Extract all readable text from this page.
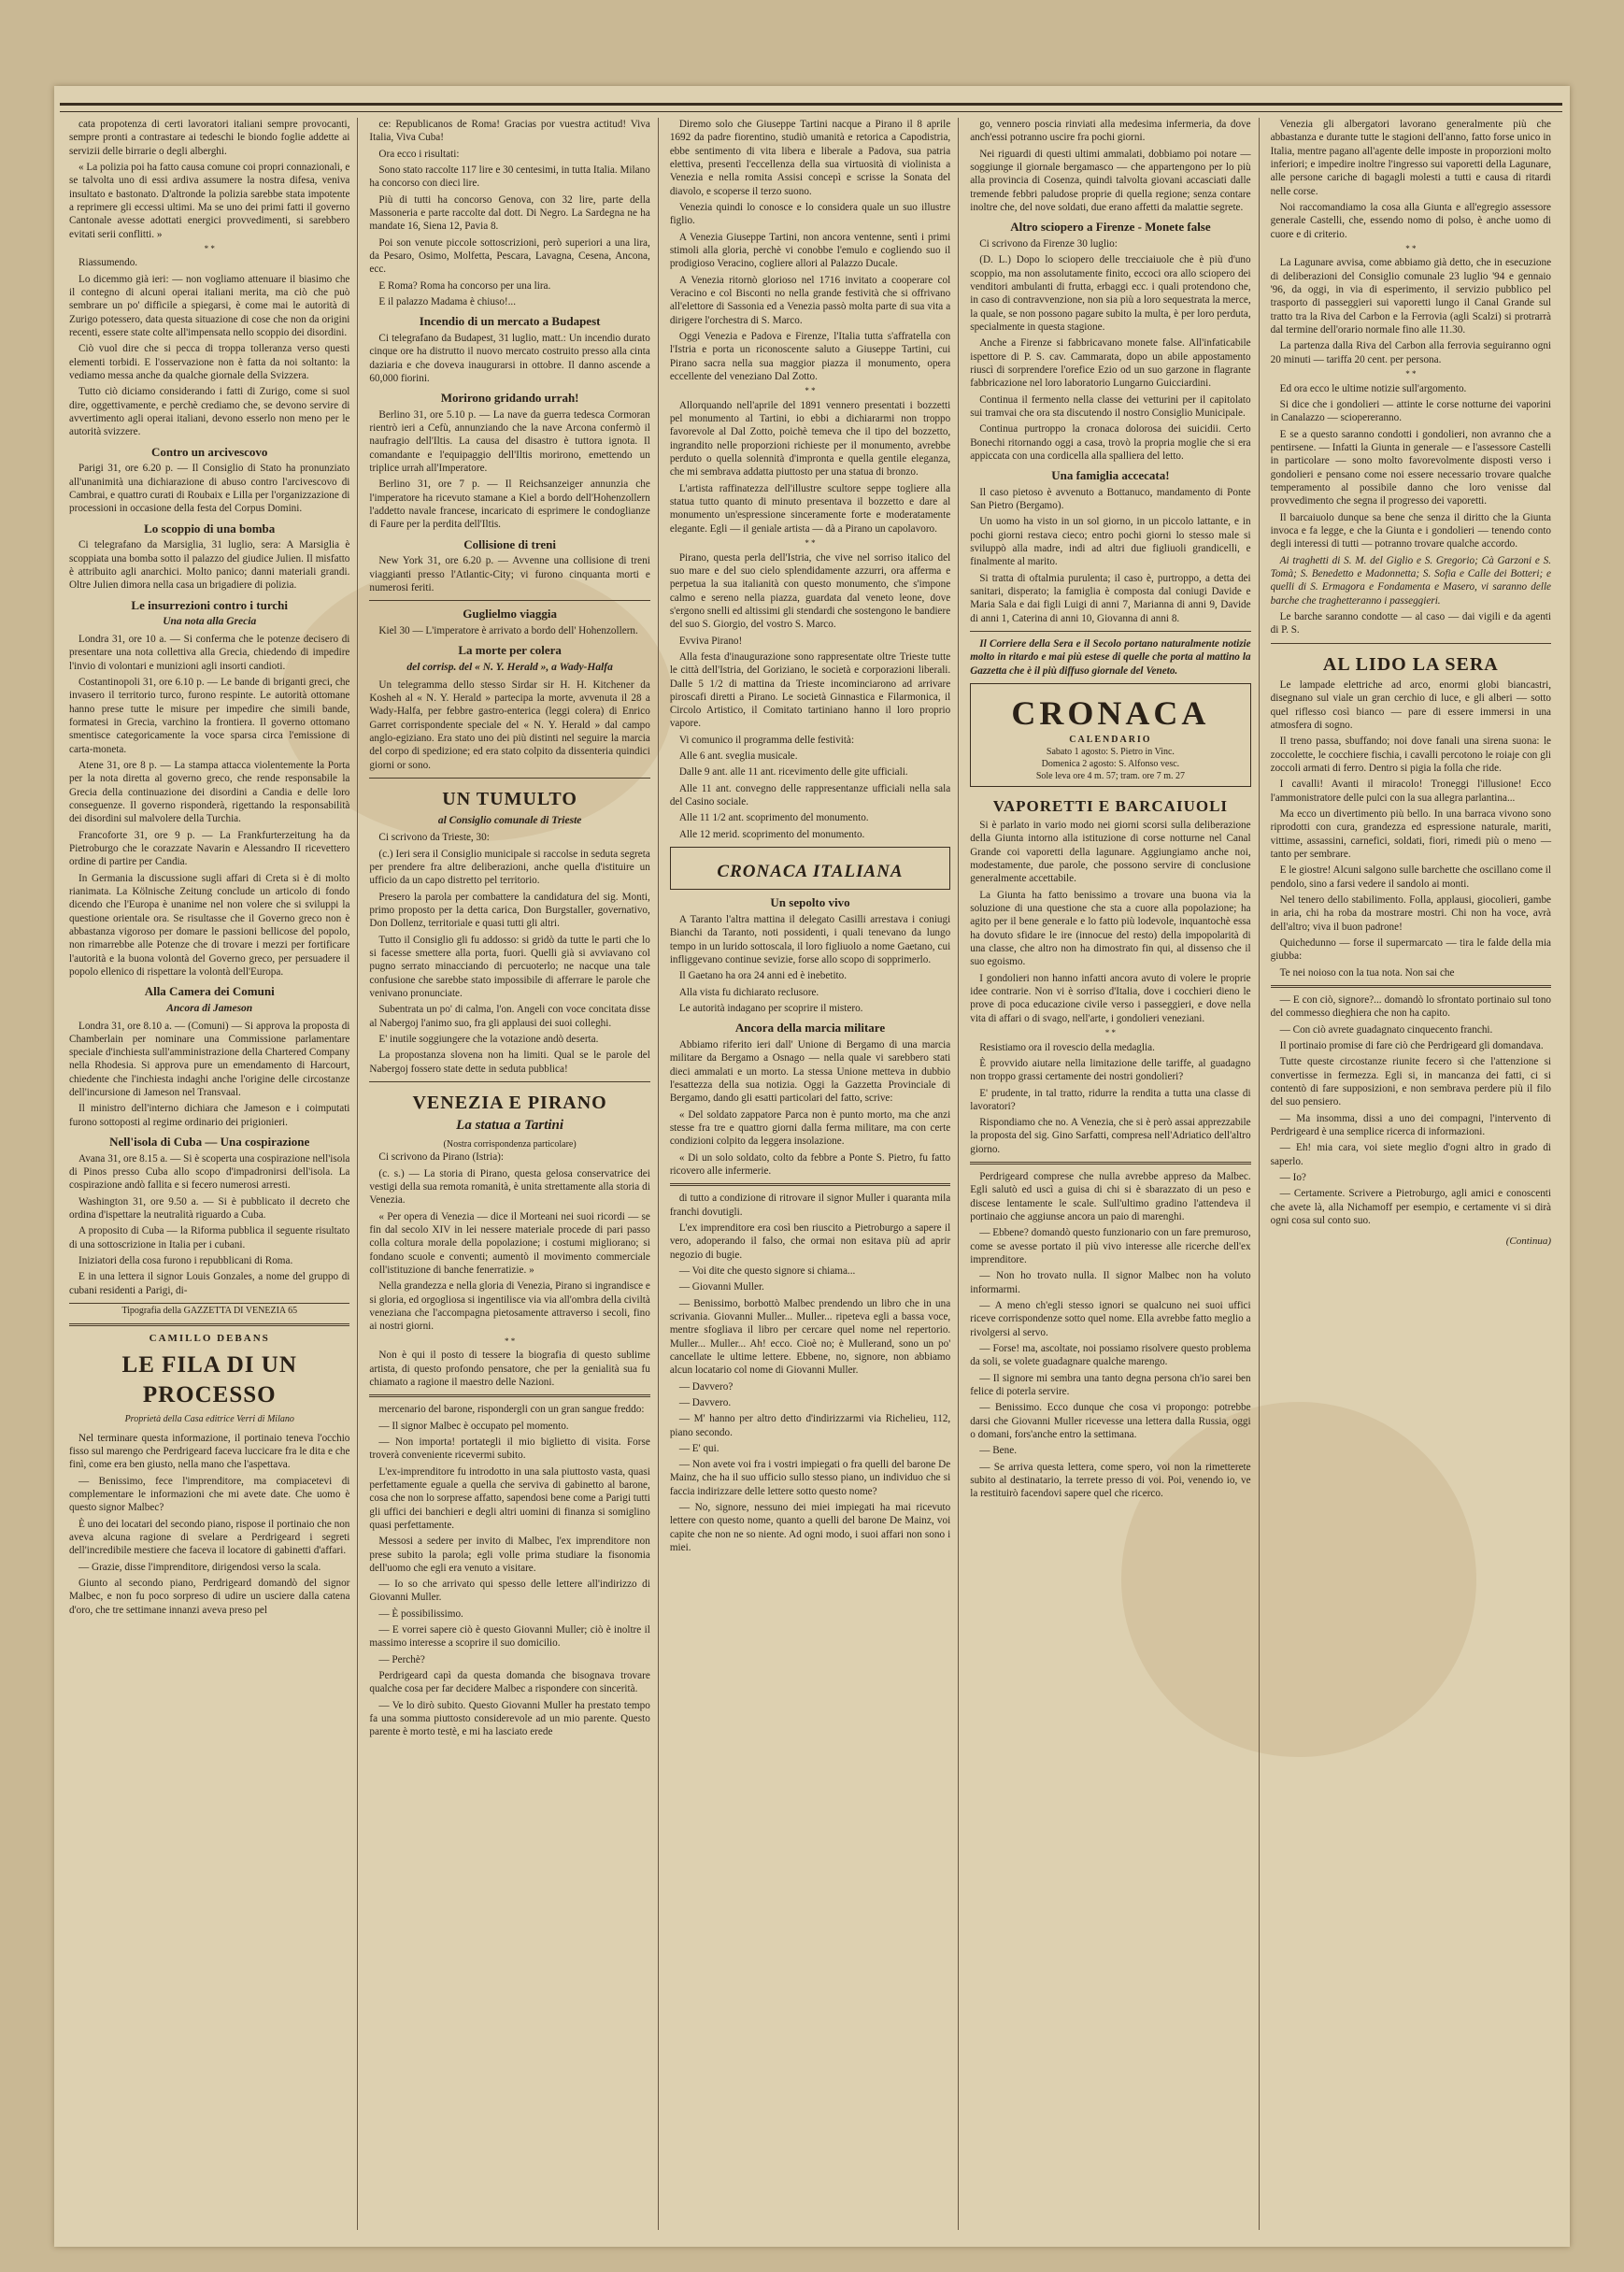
cata propotenza di certi lavoratori italiani sempre provocanti, sempre pronti a contrastare ai tedeschi le biondo foglie addette ai servizii delle birrarie o degli alberghi.

« La polizia poi ha fatto causa comune coi propri connazionali, e se talvolta uno di essi ardiva assumere la nostra difesa, veniva insultato e bastonato. D'altronde la polizia sarebbe stata impotente a reprimere gli eccessi ultimi. Ma se uno dei primi fatti il governo Cantonale avesse adottati energici provvedimenti, si sarebbero evitati serii conflitti. »

* *

Riassumendo.

Lo dicemmo già ieri: — non vogliamo attenuare il biasimo che il contegno di alcuni operai italiani merita, ma ciò che può sembrare un po' difficile a spiegarsi, è come mai le autorità di Zurigo potessero, data questa situazione di cose che non da origini recenti, essere state colte all'impensata nello scoppio dei disordini.

Ciò vuol dire che si pecca di troppa tolleranza verso questi elementi torbidi. E l'osservazione non è fatta da noi soltanto: la vediamo messa anche da qualche giornale della Svizzera.

Tutto ciò diciamo considerando i fatti di Zurigo, come si suol dire, oggettivamente, e perchè crediamo che, se devono servire di avvertimento agli operai italiani, devono esserlo non meno per le autorità svizzere.

Contro un arcivescovo

Parigi 31, ore 6.20 p. — Il Consiglio di Stato ha pronunziato all'unanimità una dichiarazione di abuso contro l'arcivescovo di Cambrai, e quattro curati di Roubaix e Lilla per l'organizzazione di processioni in occasione della festa del Corpus Domini.

Lo scoppio di una bomba

Ci telegrafano da Marsiglia, 31 luglio, sera: A Marsiglia è scoppiata una bomba sotto il palazzo del giudice Julien. Il misfatto è attribuito agli anarchici. Molto panico; danni materiali grandi. Oltre Julien dimora nella casa un brigadiere di polizia.

Le insurrezioni contro i turchi
Una nota alla Grecia

Londra 31, ore 10 a. — Si conferma che le potenze decisero di presentare una nota collettiva alla Grecia, chiedendo di impedire l'invio di volontari e munizioni agli insorti candioti.

Costantinopoli 31, ore 6.10 p. — Le bande di briganti greci, che invasero il territorio turco, furono respinte. Le autorità ottomane hanno prese tutte le misure per impedire che simili bande, formatesi in Grecia, varchino la frontiera. Il governo ottomano smentisce categoricamente la voce sparsa circa l'emissione di carta-moneta.

Atene 31, ore 8 p. — La stampa attacca violentemente la Porta per la nota diretta al governo greco, che rende responsabile la Grecia della continuazione dei disordini a Candia e delle loro conseguenze. Il governo risponderà, rigettando la responsabilità dei disordini sul malvolere della Turchia.

Francoforte 31, ore 9 p. — La Frankfurterzeitung ha da Pietroburgo che le corazzate Navarin e Alessandro II ricevettero ordine di partire per Candia.

In Germania la discussione sugli affari di Creta si è di molto rianimata. La Kölnische Zeitung conclude un articolo di fondo dicendo che l'Europa è unanime nel non volere che si sviluppi la questione orientale ora. Se risultasse che il Governo greco non è abbastanza vigoroso per domare le passioni bellicose del popolo, non rimarrebbe alle Potenze che di trovare i mezzi per fortificare l'autorità e la buona volontà del Governo greco, per persuadere il popolo ellenico di rispettare la volontà dell'Europa.

Alla Camera dei Comuni
Ancora di Jameson

Londra 31, ore 8.10 a. — (Comuni) — Si approva la proposta di Chamberlain per nominare una Commissione parlamentare speciale d'inchiesta sull'amministrazione della Chartered Company nella Rhodesia. Si approva pure un emendamento di Harcourt, chiedente che l'inchiesta indaghi anche l'origine delle circostanze dell'incursione di Jameson nel Transvaal.

Il ministro dell'interno dichiara che Jameson e i coimputati furono sottoposti al regime ordinario dei prigionieri.

Nell'isola di Cuba — Una cospirazione

Avana 31, ore 8.15 a. — Si è scoperta una cospirazione nell'isola di Pinos presso Cuba allo scopo d'impadronirsi dell'isola. La cospirazione andò fallita e si fecero numerosi arresti.

Washington 31, ore 9.50 a. — Si è pubblicato il decreto che ordina d'ispettare la neutralità riguardo a Cuba.

A proposito di Cuba — la Riforma pubblica il seguente risultato di una sottoscrizione in Italia per i cubani.

Iniziatori della cosa furono i repubblicani di Roma.

E in una lettera il signor Louis Gonzales, a nome del gruppo di cubani residenti a Parigi, di-

Tipografia della GAZZETTA DI VENEZIA 65
CAMILLO DEBANS
LE FILA DI UN PROCESSO
Proprietà della Casa editrice Verri di Milano

Nel terminare questa informazione, il portinaio teneva l'occhio fisso sul marengo che Perdrigeard faceva luccicare fra le dita e che finì, come era ben giusto, nella mano che l'aspettava.

— Benissimo, fece l'imprenditore, ma compiacetevi di complementare le informazioni che mi avete date. Che uomo è questo signor Malbec?

È uno dei locatari del secondo piano, rispose il portinaio che non aveva alcuna ragione di svelare a Perdrigeard i segreti dell'incredibile mestiere che faceva il locatore di gabinetti d'affari.

— Grazie, disse l'imprenditore, dirigendosi verso la scala.

Giunto al secondo piano, Perdrigeard domandò del signor Malbec, e non fu poco sorpreso di udire un usciere dalla catena d'oro, che tre settimane innanzi aveva preso pel

ce: Republicanos de Roma! Gracias por vuestra actitud! Viva Italia, Viva Cuba!

Ora ecco i risultati:

Sono stato raccolte 117 lire e 30 centesimi, in tutta Italia. Milano ha concorso con dieci lire.

Più di tutti ha concorso Genova, con 32 lire, parte della Massoneria e parte raccolte dal dott. Di Negro. La Sardegna ne ha mandate 16, Siena 12, Pavia 8.

Poi son venute piccole sottoscrizioni, però superiori a una lira, da Pesaro, Osimo, Molfetta, Pescara, Lavagna, Cesena, Ancona, ecc.

E Roma? Roma ha concorso per una lira.

E il palazzo Madama è chiuso!...

Incendio di un mercato a Budapest

Ci telegrafano da Budapest, 31 luglio, matt.: Un incendio durato cinque ore ha distrutto il nuovo mercato costruito presso alla cinta daziaria e che doveva inaugurarsi in ottobre. Il danno ascende a 60,000 fiorini.

Morirono gridando urrah!

Berlino 31, ore 5.10 p. — La nave da guerra tedesca Cormoran rientrò ieri a Cefù, annunziando che la nave Arcona confermò il naufragio dell'Iltis. La causa del disastro è tuttora ignota. Il comandante e l'equipaggio dell'Iltis morirono, emettendo un triplice urrah all'Imperatore.

Berlino 31, ore 7 p. — Il Reichsanzeiger annunzia che l'imperatore ha ricevuto stamane a Kiel a bordo dell'Hohenzollern l'addetto navale francese, incaricato di esprimere le condoglianze di Faure per la perdita dell'Iltis.

Collisione di treni

New York 31, ore 6.20 p. — Avvenne una collisione di treni viaggianti presso l'Atlantic-City; vi furono cinquanta morti e numerosi feriti.

Guglielmo viaggia

Kiel 30 — L'imperatore è arrivato a bordo dell' Hohenzollern.

La morte per colera
del corrisp. del « N. Y. Herald », a Wady-Halfa

Un telegramma dello stesso Sirdar sir H. H. Kitchener da Kosheh al « N. Y. Herald » partecipa la morte, avvenuta il 28 a Wady-Halfa, per febbre gastro-enterica (leggi colera) di Enrico Garret corrispondente speciale del « N. Y. Herald » dal campo anglo-egiziano. Era stato uno dei più distinti nel seguire la marcia del corpo di spedizione; ed era stato colpito da dissenteria quindici giorni or sono.

UN TUMULTO
al Consiglio comunale di Trieste

Ci scrivono da Trieste, 30:

(c.) Ieri sera il Consiglio municipale si raccolse in seduta segreta per prendere fra altre deliberazioni, anche quella d'istituire un ufficio da un capo distretto pel territorio.

Presero la parola per combattere la candidatura del sig. Monti, primo proposto per la detta carica, Don Burgstaller, governativo, Don Dollenz, territoriale e quasi tutti gli altri.

Tutto il Consiglio gli fu addosso: si gridò da tutte le parti che lo si facesse smettere alla porta, fuori. Quelli già si avviavano col pugno serrato minacciando di percuoterlo; ne nacque una tale confusione che sarebbe stato impossibile di afferrare le parole che venivano pronunciate.

Subentrata un po' di calma, l'on. Angeli con voce concitata disse al Nabergoj l'animo suo, fra gli applausi dei suoi colleghi.

E' inutile soggiungere che la votazione andò deserta.

La propostanza slovena non ha limiti. Qual se le parole del Nabergoj fossero state dette in seduta pubblica!

VENEZIA E PIRANO
La statua a Tartini
(Nostra corrispondenza particolare)

Ci scrivono da Pirano (Istria):

(c. s.) — La storia di Pirano, questa gelosa conservatrice dei vestigi della sua remota romanità, è unita strettamente alla storia di Venezia.

« Per opera di Venezia — dice il Morteani nei suoi ricordi — se fin dal secolo XIV in lei nessere materiale procede di pari passo colla coltura morale della popolazione; i costumi migliorano; si fondano scuole e conventi; aumentò il movimento commerciale coll'istituzione di banche fenerratizie. »

Nella grandezza e nella gloria di Venezia, Pirano si ingrandisce e si gloria, ed orgogliosa si ingentilisce via via all'ombra della civiltà veneziana che l'accompagna pietosamente attraverso i secoli, fino ai nostri giorni.

* *

Non è qui il posto di tessere la biografia di questo sublime artista, di questo profondo pensatore, che per la genialità sua fu chiamato a ragione il maestro delle Nazioni.

mercenario del barone, rispondergli con un gran sangue freddo:

— Il signor Malbec è occupato pel momento.

— Non importa! portategli il mio biglietto di visita. Forse troverà conveniente ricevermi subito.

L'ex-imprenditore fu introdotto in una sala piuttosto vasta, quasi perfettamente eguale a quella che serviva di gabinetto al barone, cosa che non lo sorprese affatto, sapendosi bene come a Parigi tutti gli uffici dei banchieri e degli altri uomini di finanza si somiglino quasi perfettamente.

Messosi a sedere per invito di Malbec, l'ex imprenditore non prese subito la parola; egli volle prima studiare la fisonomia dell'uomo che egli era venuto a visitare.

— Io so che arrivato qui spesso delle lettere all'indirizzo di Giovanni Muller.

— È possibilissimo.

— E vorrei sapere ciò è questo Giovanni Muller; ciò è inoltre il massimo interesse a scoprire il suo domicilio.

— Perchè?

Perdrigeard capì da questa domanda che bisognava trovare qualche cosa per far decidere Malbec a rispondere con sincerità.

— Ve lo dirò subito. Questo Giovanni Muller ha prestato tempo fa una somma piuttosto considerevole ad un mio parente. Questo parente è morto testè, e mi ha lasciato erede

Diremo solo che Giuseppe Tartini nacque a Pirano il 8 aprile 1692 da padre fiorentino, studiò umanità e retorica a Capodistria, ebbe sentimento di vita libera e liberale a Padova, sua patria elettiva, presentì l'eccellenza della sua virtuosità di violinista a Venezia e nella romita Assisi concepì e scrisse la Sonata del diavolo, e scoperse il terzo suono.

Venezia quindi lo conosce e lo considera quale un suo illustre figlio.

A Venezia Giuseppe Tartini, non ancora ventenne, sentì i primi stimoli alla gloria, perchè vi conobbe l'emulo e cogliendo suo il prodigioso Veracino, cogliere allori al Palazzo Ducale.

A Venezia ritornò glorioso nel 1716 invitato a cooperare col Veracino e col Bisconti no nella grande festività che si offrivano all'elettore di Sassonia ed a Venezia passò molta parte di sua vita a dirigere l'orchestra di S. Marco.

Oggi Venezia e Padova e Firenze, l'Italia tutta s'affratella con l'Istria e porta un riconoscente saluto a Giuseppe Tartini, cui Pirano sacra nella sua maggior piazza il monumento, opera eccellente del veneziano Dal Zotto.

* *

Allorquando nell'aprile del 1891 vennero presentati i bozzetti pel monumento al Tartini, io ebbi a dichiararmi non troppo favorevole al Dal Zotto, poichè temeva che il tipo del bozzetto, ingrandito nelle proporzioni richieste per il monumento, avrebbe perduto o quella solennità d'impronta e quella gentile eleganza, che mi sembrava addatta piuttosto per una statua di bronzo.

L'artista raffinatezza dell'illustre scultore seppe togliere alla statua tutto quanto di minuto presentava il bozzetto e dare al monumento un'espressione sinceramente forte e moderatamente elegante. Egli — il geniale artista — dà a Pirano un capolavoro.

* *

Pirano, questa perla dell'Istria, che vive nel sorriso italico del suo mare e del suo cielo splendidamente azzurri, ora afferma e perpetua la sua italianità con questo monumento, che s'impone calmo e sereno nella piazza, guardata dal veneto leone, dove s'ergono snelli ed altissimi gli stendardi che sostengono le bandiere del suo S. Giorgio, del vostro S. Marco.

Evviva Pirano!

Alla festa d'inaugurazione sono rappresentate oltre Trieste tutte le città dell'Istria, del Goriziano, le società e corporazioni liberali. Dalle 5 1/2 di mattina da Trieste incominciarono ad arrivare piroscafi diretti a Pirano. Le società Ginnastica e Filarmonica, il Circolo Artistico, il Comitato tartiniano hanno il loro proprio vapore.

Vi comunico il programma delle festività:

Alle 6 ant. sveglia musicale.

Dalle 9 ant. alle 11 ant. ricevimento delle gite ufficiali.

Alle 11 ant. convegno delle rappresentanze ufficiali nella sala del Casino sociale.

Alle 11 1/2 ant. scoprimento del monumento.

Alle 12 merid. scoprimento del monumento.

CRONACA ITALIANA
Un sepolto vivo

A Taranto l'altra mattina il delegato Casilli arrestava i coniugi Bianchi da Taranto, noti possidenti, i quali tenevano da lungo tempo in un lurido sottoscala, il loro figliuolo a nome Gaetano, cui infliggevano continue sevizie, forse allo scopo di sopprimerlo.

Il Gaetano ha ora 24 anni ed è inebetito.

Alla vista fu dichiarato reclusore.

Le autorità indagano per scoprire il mistero.

Ancora della marcia militare

Abbiamo riferito ieri dall' Unione di Bergamo di una marcia militare da Bergamo a Osnago — nella quale vi sarebbero stati dieci ammalati e un morto. La stessa Unione metteva in dubbio l'esattezza della sua notizia. Oggi la Gazzetta Provinciale di Bergamo, dando gli esatti particolari del fatto, scrive:

« Del soldato zappatore Parca non è punto morto, ma che anzi stesse fra tre e quattro giorni dalla ferma militare, ma con certe condizioni colpito da leggera insolazione.

« Di un solo soldato, colto da febbre a Ponte S. Pietro, fu fatto ricovero alle infermerie.

di tutto a condizione di ritrovare il signor Muller i quaranta mila franchi dovutigli.

L'ex imprenditore era così ben riuscito a Pietroburgo a sapere il vero, adoperando il falso, che ormai non esitava più ad aprir negozio di bugie.

— Voi dite che questo signore si chiama...

— Giovanni Muller.

— Benissimo, borbottò Malbec prendendo un libro che in una scrivania. Giovanni Muller... Muller... ripeteva egli a bassa voce, mentre sfogliava il libro per cercare quel nome nel repertorio. Muller... Muller... Ah! ecco. Cioè no; è Mullerand, sono un po' cancellate le ultime lettere. Ebbene, no, signore, non abbiamo alcun locatario col nome di Giovanni Muller.

— Davvero?

— Davvero.

— M' hanno per altro detto d'indirizzarmi via Richelieu, 112, piano secondo.

— E' qui.

— Non avete voi fra i vostri impiegati o fra quelli del barone De Mainz, che ha il suo ufficio sullo stesso piano, un individuo che si faccia indirizzare delle lettere sotto questo nome?

— No, signore, nessuno dei miei impiegati ha mai ricevuto lettere con questo nome, quanto a quelli del barone De Mainz, voi capite che non ne so niente. Ad ogni modo, i suoi affari non sono i miei.

go, vennero poscia rinviati alla medesima infermeria, da dove anch'essi potranno uscire fra pochi giorni.

Nei riguardi di questi ultimi ammalati, dobbiamo poi notare — soggiunge il giornale bergamasco — che appartengono per lo più alla provincia di Cosenza, quindi talvolta giovani accasciati dalle tremende febbri paludose proprie di quella regione; senza contare inoltre che, del nove soldati, due erano affetti da malattie segrete.

Altro sciopero a Firenze - Monete false

Ci scrivono da Firenze 30 luglio:

(D. L.) Dopo lo sciopero delle trecciaiuole che è più d'uno scoppio, ma non assolutamente finito, eccoci ora allo sciopero dei venditori ambulanti di frutta, erbaggi ecc. i quali protendono che, in caso di contravvenzione, non sia più a loro sequestrata la merce, la quale, se non possono pagare subito la multa, è per loro perduta, specialmente in questa stagione.

Anche a Firenze si fabbricavano monete false. All'infaticabile ispettore di P. S. cav. Cammarata, dopo un abile appostamento riuscì di sorprendere l'orefice Ezio od un suo garzone in flagrante fabbricazione nel loro laboratorio Lungarno Guicciardini.

Continua il fermento nella classe dei vetturini per il capitolato sui tramvai che ora sta discutendo il nostro Consiglio Municipale.

Continua purtroppo la cronaca dolorosa dei suicidii. Certo Bonechi ritornando oggi a casa, trovò la propria moglie che si era appiccata con una cordicella alla spalliera del letto.

Una famiglia accecata!

Il caso pietoso è avvenuto a Bottanuco, mandamento di Ponte San Pietro (Bergamo).

Un uomo ha visto in un sol giorno, in un piccolo lattante, e in pochi giorni restava cieco; entro pochi giorni lo stesso male si sviluppò alla madre, indi ad altri due figliuoli grandicelli, e finalmente al marito.

Si tratta di oftalmia purulenta; il caso è, purtroppo, a detta dei sanitari, disperato; la famiglia è composta dal coniugi Davide e Maria Sala e dai figli Luigi di anni 7, Marianna di anni 9, Davide di anni 1, Caterina di anni 10, Giovanna di anni 8.

Il Corriere della Sera e il Secolo portano naturalmente notizie molto in ritardo e mai più estese di quelle che porta al mattino la Gazzetta che è il più diffuso giornale del Veneto.

CRONACA
CALENDARIO
Sabato 1 agosto: S. Pietro in Vinc.
Domenica 2 agosto: S. Alfonso vesc.
Sole leva ore 4 m. 57; tram. ore 7 m. 27
VAPORETTI E BARCAIUOLI

Si è parlato in vario modo nei giorni scorsi sulla deliberazione della Giunta intorno alla istituzione di corse notturne nel Canal Grande coi vaporetti della lagunare. Aggiungiamo anche noi, modestamente, due parole, che possono servire di conclusione generalmente accettabile.

La Giunta ha fatto benissimo a trovare una buona via la soluzione di una questione che sta a cuore alla popolazione; ha agito per il bene generale e lo fatto più lodevole, inquantochè essa ha dovuto sfidare le ire (innocue del resto) della impopolarità di una classe, che altro non ha dimostrato fin qui, al dissenso che il suo egoismo.

I gondolieri non hanno infatti ancora avuto di volere le proprie idee contrarie. Non vi è sorriso d'Italia, dove i cocchieri dieno le prove di poca educazione civile verso i passeggieri, e dove nella vita di affari o di svago, nell'arte, i gondolieri veneziani.

* *

Resistiamo ora il rovescio della medaglia.

È provvido aiutare nella limitazione delle tariffe, al guadagno non troppo grassi certamente dei nostri gondolieri?

E' prudente, in tal tratto, ridurre la rendita a tutta una classe di lavoratori?

Rispondiamo che no. A Venezia, che si è però assai apprezzabile la proposta del sig. Gino Sarfatti, compresa nell'Adriatico dell'altro giorno.

Perdrigeard comprese che nulla avrebbe appreso da Malbec. Egli salutò ed uscì a guisa di chi si è sbarazzato di un peso e discese lentamente le scale. Sull'ultimo gradino l'attendeva il portinaio che aggiunse ancora un paio di marenghi.

— Ebbene? domandò questo funzionario con un fare premuroso, come se avesse portato il più vivo interesse alle ricerche dell'ex imprenditore.

— Non ho trovato nulla. Il signor Malbec non ha voluto informarmi.

— A meno ch'egli stesso ignori se qualcuno nei suoi uffici riceve corrispondenze sotto quel nome. Ella avrebbe fatto meglio a rivolgersi al servo.

— Forse! ma, ascoltate, noi possiamo risolvere questo problema da soli, se volete guadagnare qualche marengo.

— Il signore mi sembra una tanto degna persona ch'io sarei ben felice di poterla servire.

— Benissimo. Ecco dunque che cosa vi propongo: potrebbe darsi che Giovanni Muller ricevesse una lettera dalla Russia, oggi o domani, fors'anche entro la settimana.

— Bene.

— Se arriva questa lettera, come spero, voi non la rimetterete subito al destinatario, la terrete presso di voi. Poi, venendo io, ve la restituirò facendovi sapere quel che ricerco.

Venezia gli albergatori lavorano generalmente più che abbastanza e durante tutte le stagioni dell'anno, fatto forse unico in Italia, mentre pagano all'agente delle imposte in proporzioni molto inferiori; e impedire inoltre l'ingresso sui vaporetti della Lagunare, alle persone cariche di bagagli molesti a tutti e causa di ritardi nelle corse.

Noi raccomandiamo la cosa alla Giunta e all'egregio assessore generale Castelli, che, essendo nomo di polso, è anche uomo di cuore e di criterio.

* *

La Lagunare avvisa, come abbiamo già detto, che in esecuzione di deliberazioni del Consiglio comunale 23 luglio '94 e gennaio '96, da oggi, in via di esperimento, il servizio pubblico pel trasporto di passeggieri sui vaporetti lungo il Canal Grande sul tratto tra la Riva del Carbon e la Ferrovia (agli Scalzi) si protrarrà dal termine dell'orario normale fino alle 11.30.

La partenza dalla Riva del Carbon alla ferrovia seguiranno ogni 20 minuti — tariffa 20 cent. per persona.

* *

Ed ora ecco le ultime notizie sull'argomento.

Si dice che i gondolieri — attinte le corse notturne dei vaporini in Canalazzo — sciopereranno.

E se a questo saranno condotti i gondolieri, non avranno che a pentirsene. — Infatti la Giunta in generale — e l'assessore Castelli in particolare — sono molto favorevolmente disposti verso i gondolieri e pensano come noi essere necessario trovare qualche temperamento al possibile danno che loro venisse dal provvedimento che segna il progresso dei vaporetti.

Il barcaiuolo dunque sa bene che senza il diritto che la Giunta invoca e fa legge, e che la Giunta e i gondolieri — tenendo conto degli interessi di tutti — potranno trovare qualche accordo.

Ai traghetti di S. M. del Giglio e S. Gregorio; Cà Garzoni e S. Tomà; S. Benedetto e Madonnetta; S. Sofia e Calle dei Botteri; e quelli di S. Ermagora e Fondamenta e Masero, vi saranno delle barche che traghetteranno i passeggieri.

Le barche saranno condotte — al caso — dai vigili e da agenti di P. S.

AL LIDO LA SERA

Le lampade elettriche ad arco, enormi globi biancastri, disegnano sul viale un gran cerchio di luce, e gli alberi — sotto quel riflesso così bianco — pare di essere immersi in una atmosfera di sogno.

Il treno passa, sbuffando; noi dove fanali una sirena suona: le zoccolette, le cocchiere fischia, i cavalli percotono le roiaje con gli zoccoli armati di ferro. Dentro si pigia la folla che ride.

I cavalli! Avanti il miracolo! Troneggi l'illusione! Ecco l'ammonistratore delle pulci con la sua allegra parlantina...

Ma ecco un divertimento più bello. In una barraca vivono sono riprodotti con cura, grandezza ed espressione naturale, mariti, vittime, assassini, carnefici, soldati, fiori, rimedi più o meno — tanto per sembrare.

E le giostre! Alcuni salgono sulle barchette che oscillano come il pendolo, sino a farsi vedere il sandolo ai monti.

Nel tenero dello stabilimento. Folla, applausi, giocolieri, gambe in aria, chi ha roba da mostrare mostri. Chi non ha voce, avrà dell'altro; viva il buon padrone!

Quichedunno — forse il supermarcato — tira le falde della mia giubba:

Te nei noioso con la tua nota. Non sai che

— E con ciò, signore?... domandò lo sfrontato portinaio sul tono del commesso dieghiera che non ha capito.

— Con ciò avrete guadagnato cinquecento franchi.

Il portinaio promise di fare ciò che Perdrigeard gli domandava.

Tutte queste circostanze riunite fecero sì che l'attenzione si convertisse in fermezza. Egli si, in mancanza dei fatti, ci si contentò di fare supposizioni, e non sembrava perdere più il filo del suo pensiero.

— Ma insomma, dissi a uno dei compagni, l'intervento di Perdrigeard è una semplice ricerca di informazioni.

— Eh! mia cara, voi siete meglio d'ogni altro in grado di saperlo.

— Io?

— Certamente. Scrivere a Pietroburgo, agli amici e conoscenti che avete là, alla Nichamoff per esempio, e certamente vi si dirà ogni cosa sul conto suo.

(Continua)
